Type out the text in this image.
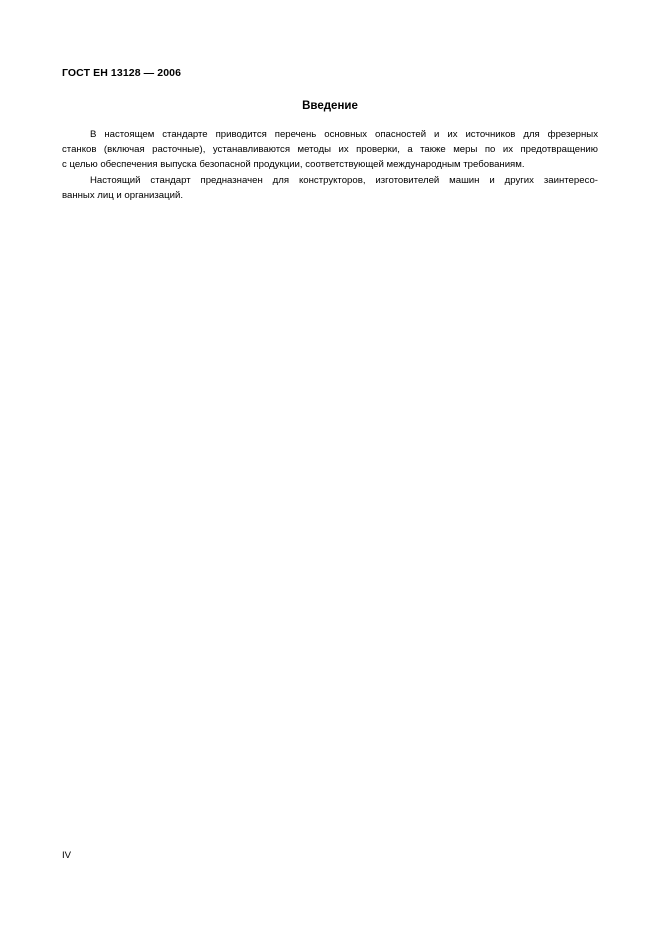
ГОСТ ЕН 13128 — 2006
Введение
В настоящем стандарте приводится перечень основных опасностей и их источников для фрезерных
станков (включая расточные), устанавливаются методы их проверки, а также меры по их предотвращению
с целью обеспечения выпуска безопасной продукции, соответствующей международным требованиям.
Настоящий стандарт предназначен для конструкторов, изготовителей машин и других заинтересо-
ванных лиц и организаций.
IV
